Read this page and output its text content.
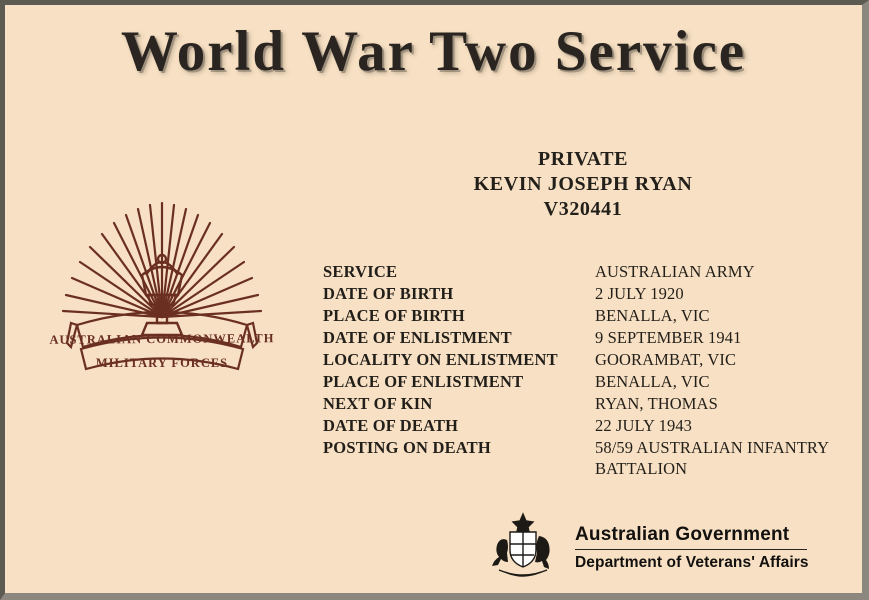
World War Two Service
AUSTRALIAN COMMONWEALTH
MILITARY FORCES
PRIVATE
KEVIN JOSEPH RYAN
V320441
SERVICE	AUSTRALIAN ARMY
DATE OF BIRTH	2 JULY 1920
PLACE OF BIRTH	BENALLA, VIC
DATE OF ENLISTMENT	9 SEPTEMBER 1941
LOCALITY ON ENLISTMENT	GOORAMBAT, VIC
PLACE OF ENLISTMENT	BENALLA, VIC
NEXT OF KIN	RYAN, THOMAS
DATE OF DEATH	22 JULY 1943
POSTING ON DEATH	58/59 AUSTRALIAN INFANTRY BATTALION
Australian Government
Department of Veterans' Affairs
